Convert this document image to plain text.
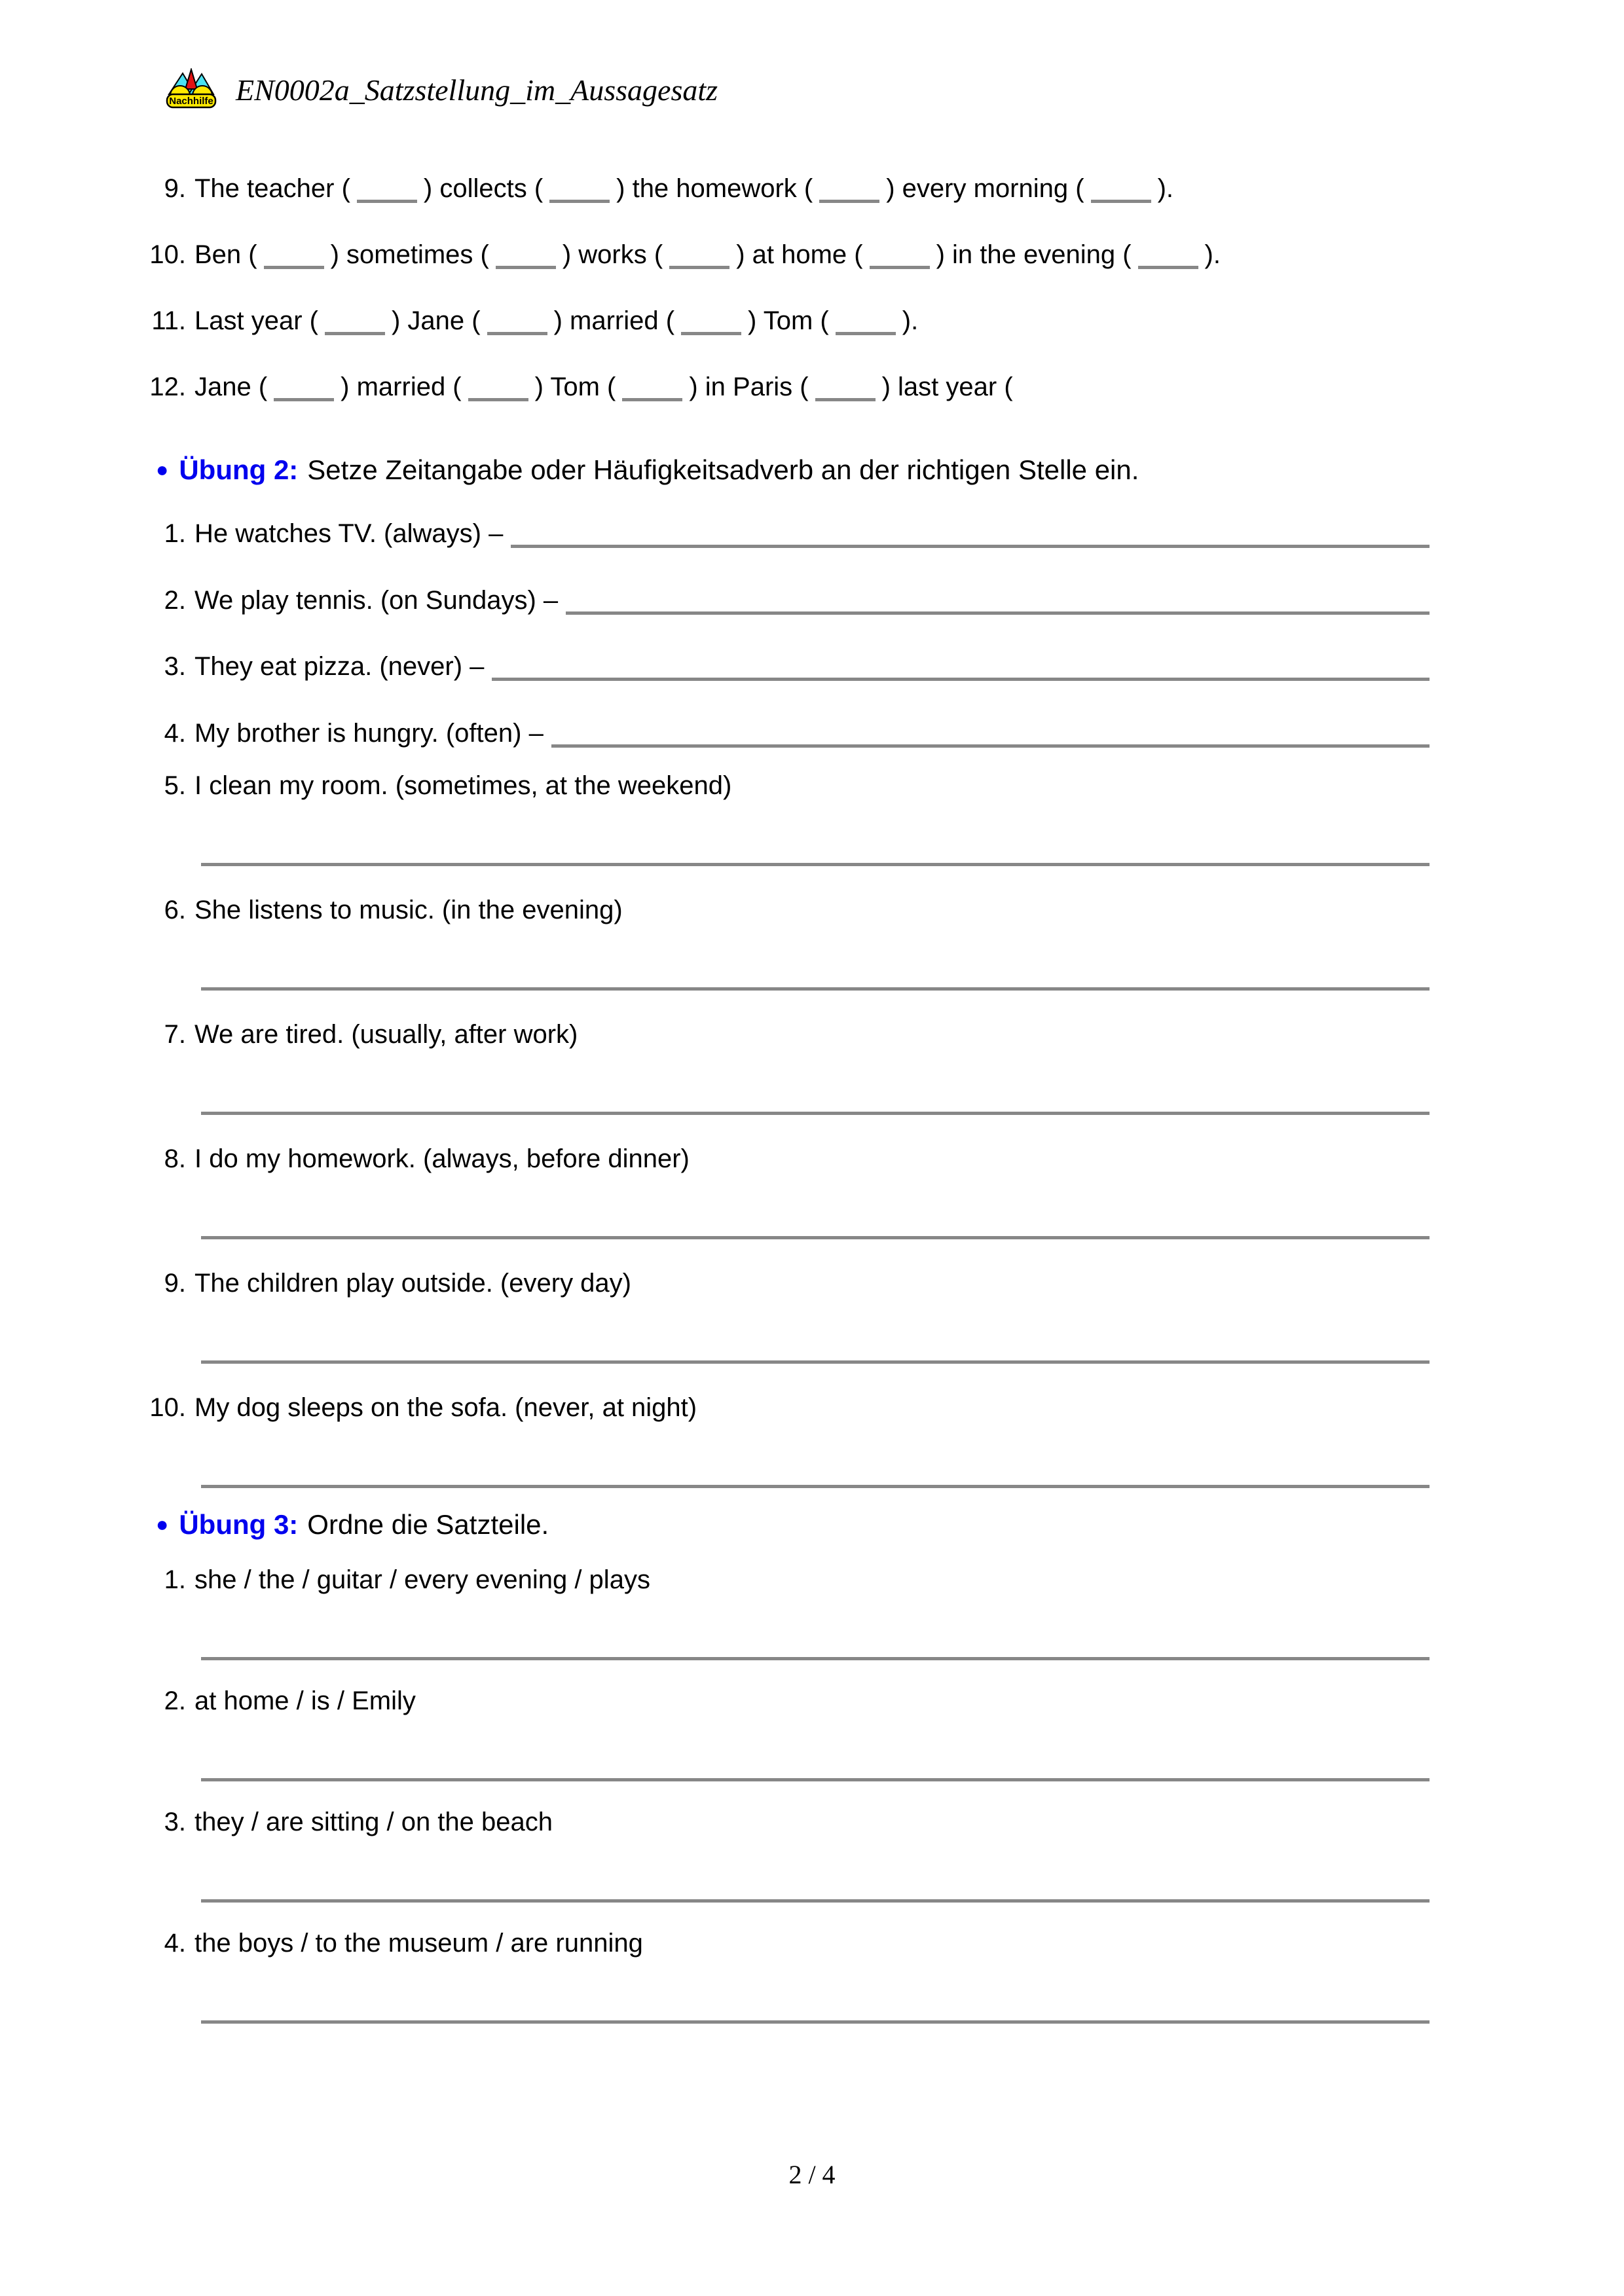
Nachhilfe EN0002a_Satzstellung_im_Aussagesatz
9. The teacher (	) collects (	) the homework (	) every morning (	).
10. Ben (	) sometimes (	) works (	) at home (	) in the evening (	).
11. Last year (	) Jane (	) married (	) Tom (	).
12. Jane (	) married (	) Tom (	) in Paris (	) last year (
● Übung 2: Setze Zeitangabe oder Häufigkeitsadverb an der richtigen Stelle ein.
1. He watches TV. (always) –
2. We play tennis. (on Sundays) –
3. They eat pizza. (never) –
4. My brother is hungry. (often) –
5. I clean my room. (sometimes, at the weekend)
6. She listens to music. (in the evening)
7. We are tired. (usually, after work)
8. I do my homework. (always, before dinner)
9. The children play outside. (every day)
10. My dog sleeps on the sofa. (never, at night)
● Übung 3: Ordne die Satzteile.
1. she / the / guitar / every evening / plays
2. at home / is / Emily
3. they / are sitting / on the beach
4. the boys / to the museum / are running
2 / 4
